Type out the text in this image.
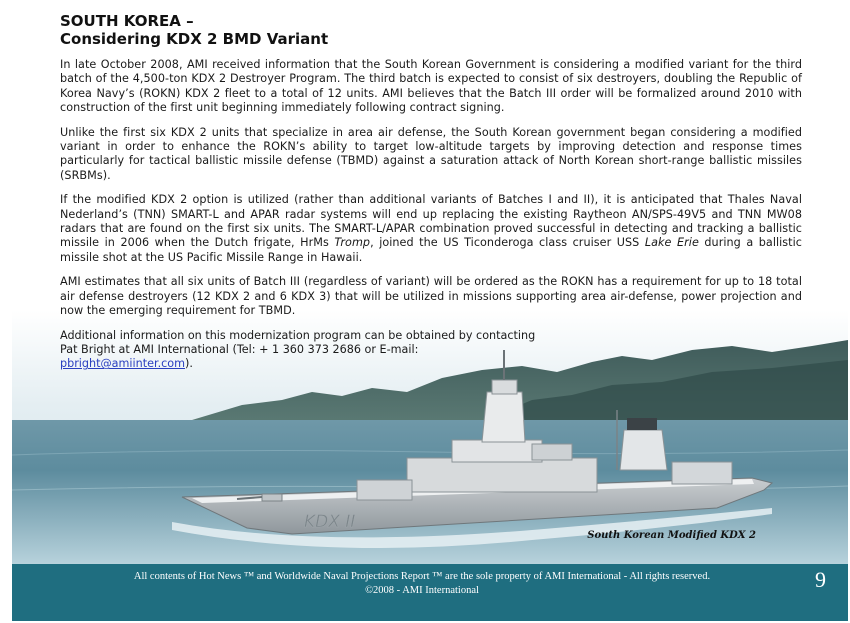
KDX II
SOUTH KOREA –
Considering KDX 2 BMD Variant

In late October 2008, AMI received information that the South Korean Government is considering a modified variant for the third batch of the 4,500-ton KDX 2 Destroyer Program. The third batch is expected to consist of six destroyers, doubling the Republic of Korea Navy’s (ROKN) KDX 2 fleet to a total of 12 units. AMI believes that the Batch III order will be formalized around 2010 with construction of the first unit beginning immediately following contract signing.

Unlike the first six KDX 2 units that specialize in area air defense, the South Korean government began considering a modified variant in order to enhance the ROKN’s ability to target low-altitude targets by improving detection and response times particularly for tactical ballistic missile defense (TBMD) against a saturation attack of North Korean short-range ballistic missiles (SRBMs).

If the modified KDX 2 option is utilized (rather than additional variants of Batches I and II), it is anticipated that Thales Naval Nederland’s (TNN) SMART-L and APAR radar systems will end up replacing the existing Raytheon AN/SPS-49V5 and TNN MW08 radars that are found on the first six units. The SMART-L/APAR combination proved successful in detecting and tracking a ballistic missile in 2006 when the Dutch frigate, HrMs Tromp, joined the US Ticonderoga class cruiser USS Lake Erie during a ballistic missile shot at the US Pacific Missile Range in Hawaii.

AMI estimates that all six units of Batch III (regardless of variant) will be ordered as the ROKN has a requirement for up to 18 total air defense destroyers (12 KDX 2 and 6 KDX 3) that will be utilized in missions supporting area air-defense, power projection and now the emerging requirement for TBMD.

Additional information on this modernization program can be obtained by contacting
Pat Bright at AMI International (Tel: + 1 360 373 2686 or E-mail:
pbright@amiinter.com).

South Korean Modified KDX 2
All contents of Hot News ™ and Worldwide Naval Projections Report ™ are the sole property of AMI International - All rights reserved.
©2008 - AMI International	9
